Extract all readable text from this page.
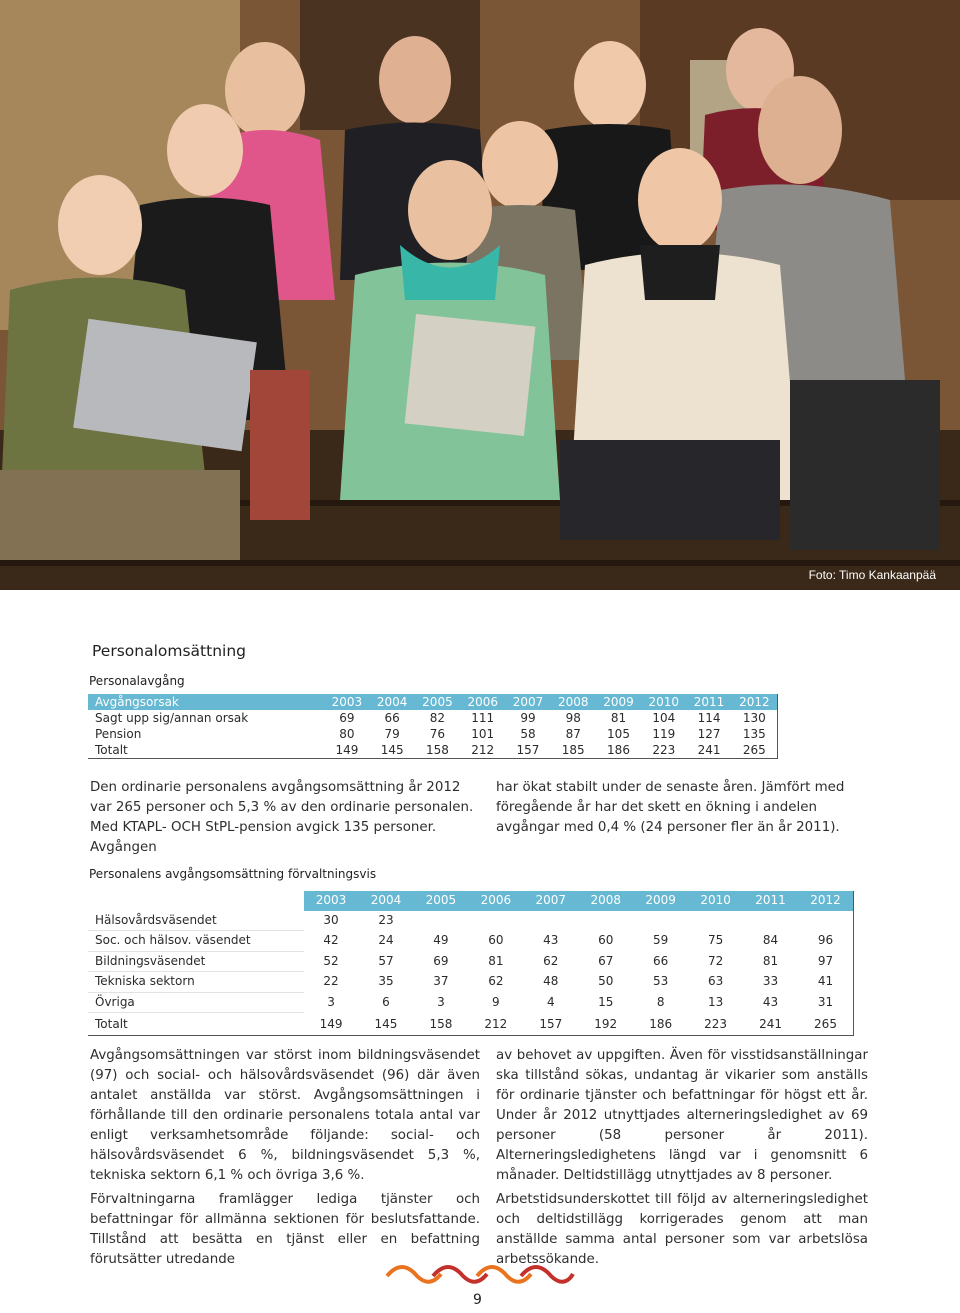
Foto: Timo Kankaanpää
Personalomsättning
Personalavgång
Avgångsorsak	2003	2004	2005	2006	2007	2008	2009	2010	2011	2012
Sagt upp sig/annan orsak	69	66	82	111	99	98	81	104	114	130
Pension	80	79	76	101	58	87	105	119	127	135
Totalt	149	145	158	212	157	185	186	223	241	265

Den ordinarie personalens avgångsomsättning år 2012 var 265 personer och 5,3 % av den ordinarie personalen. Med KTAPL- OCH StPL-pension avgick 135 personer. Avgången

har ökat stabilt under de senaste åren. Jämfört med föregående år har det skett en ökning i andelen avgångar med 0,4 % (24 personer fler än år 2011).

Personalens avgångsomsättning förvaltningsvis
	2003	2004	2005	2006	2007	2008	2009	2010	2011	2012
Hälsovårdsväsendet	30	23								
Soc. och hälsov. väsendet	42	24	49	60	43	60	59	75	84	96
Bildningsväsendet	52	57	69	81	62	67	66	72	81	97
Tekniska sektorn	22	35	37	62	48	50	53	63	33	41
Övriga	3	6	3	9	4	15	8	13	43	31
Totalt	149	145	158	212	157	192	186	223	241	265

Avgångsomsättningen var störst inom bildningsväsendet (97) och social- och hälsovårdsväsendet (96) där även antalet anställda var störst. Avgångsomsättningen i förhållande till den ordinarie personalens totala antal var enligt verksamhetsområde följande: social- och hälsovårdsväsendet 6 %, bildningsväsendet 5,3 %, tekniska sektorn 6,1 % och övriga 3,6 %.

Förvaltningarna framlägger lediga tjänster och befattningar för allmänna sektionen för beslutsfattande. Tillstånd att besätta en tjänst eller en befattning förutsätter utredande

av behovet av uppgiften. Även för visstidsanställningar ska tillstånd sökas, undantag är vikarier som anställs för ordinarie tjänster och befattningar för högst ett år. Under år 2012 utnyttjades alterneringsledighet av 69 personer (58 personer år 2011). Alterneringsledighetens längd var i genomsnitt 6 månader. Deltidstillägg utnyttjades av 8 personer.

Arbetstidsunderskottet till följd av alterneringsledighet och deltidstillägg korrigerades genom att man anställde samma antal personer som var arbetslösa arbetssökande.

9
